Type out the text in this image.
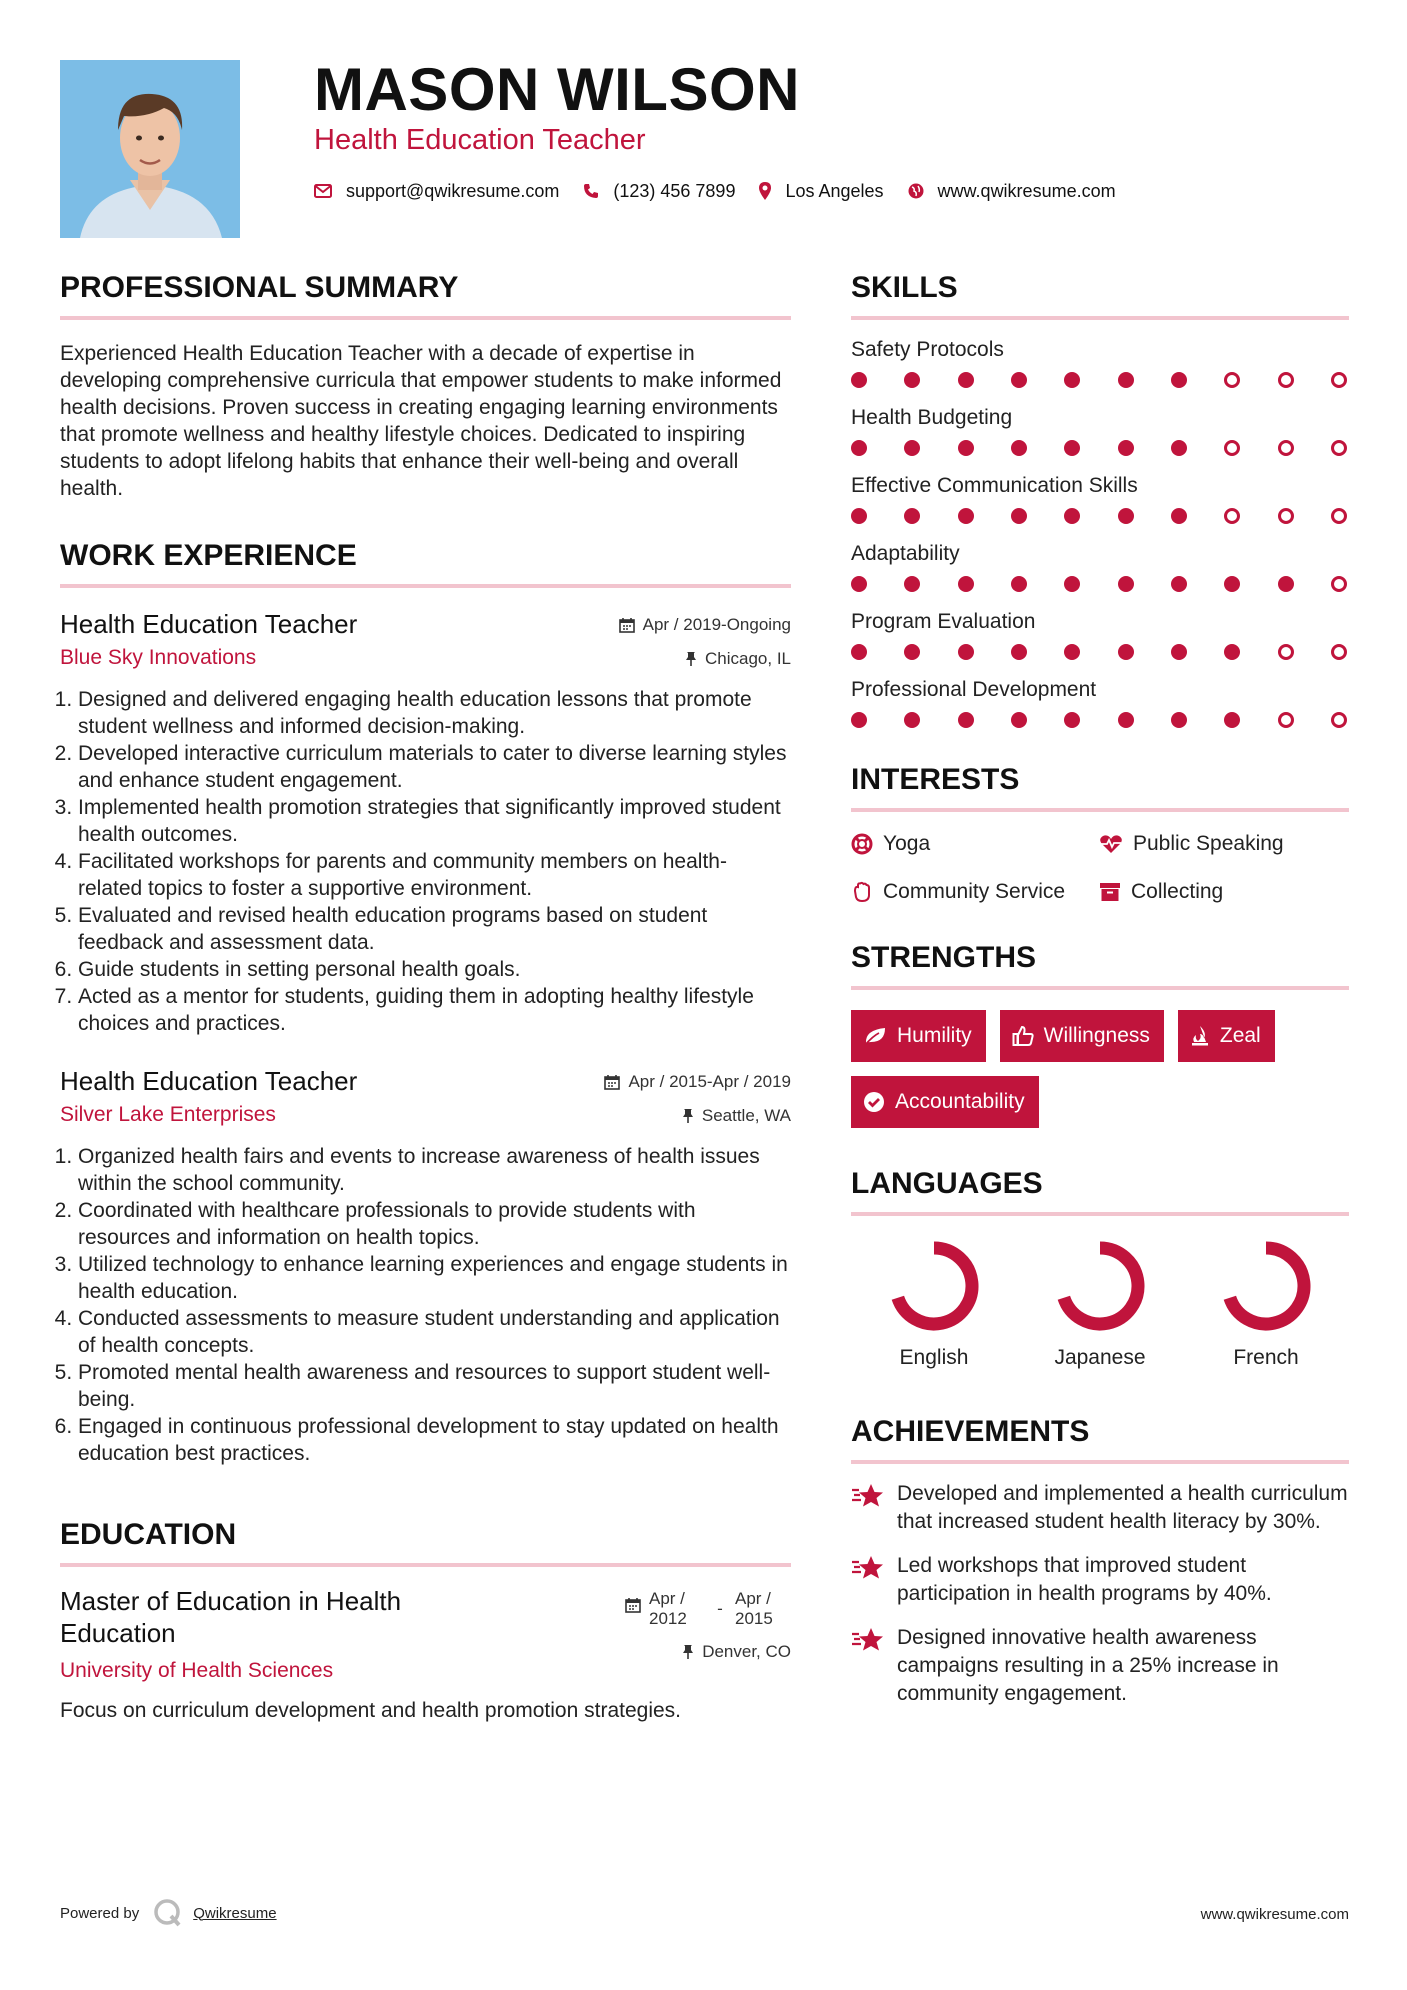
MASON WILSON
Health Education Teacher
support@qwikresume.com	(123) 456 7899	Los Angeles	www.qwikresume.com
PROFESSIONAL SUMMARY

Experienced Health Education Teacher with a decade of expertise in developing comprehensive curricula that empower students to make informed health decisions. Proven success in creating engaging learning environments that promote wellness and healthy lifestyle choices. Dedicated to inspiring students to adopt lifelong habits that enhance their well-being and overall health.

WORK EXPERIENCE
Health Education Teacher
Blue Sky Innovations
Apr / 2019-Ongoing
Chicago, IL
1. Designed and delivered engaging health education lessons that promote student wellness and informed decision-making.
2. Developed interactive curriculum materials to cater to diverse learning styles and enhance student engagement.
3. Implemented health promotion strategies that significantly improved student health outcomes.
4. Facilitated workshops for parents and community members on health-related topics to foster a supportive environment.
5. Evaluated and revised health education programs based on student feedback and assessment data.
6. Guide students in setting personal health goals.
7. Acted as a mentor for students, guiding them in adopting healthy lifestyle choices and practices.
Health Education Teacher
Silver Lake Enterprises
Apr / 2015-Apr / 2019
Seattle, WA
1. Organized health fairs and events to increase awareness of health issues within the school community.
2. Coordinated with healthcare professionals to provide students with resources and information on health topics.
3. Utilized technology to enhance learning experiences and engage students in health education.
4. Conducted assessments to measure student understanding and application of health concepts.
5. Promoted mental health awareness and resources to support student well-being.
6. Engaged in continuous professional development to stay updated on health education best practices.
EDUCATION
Master of Education in Health Education
University of Health Sciences
Apr / 2012
-
Apr / 2015
Denver, CO
Focus on curriculum development and health promotion strategies.
SKILLS
Safety Protocols
Health Budgeting
Effective Communication Skills
Adaptability
Program Evaluation
Professional Development
INTERESTS
Yoga	Public Speaking
Community Service	Collecting
STRENGTHS
Humility	Willingness	Zeal
Accountability
LANGUAGES
English	Japanese	French
ACHIEVEMENTS
Developed and implemented a health curriculum that increased student health literacy by 30%.
Led workshops that improved student participation in health programs by 40%.
Designed innovative health awareness campaigns resulting in a 25% increase in community engagement.
Powered by	Qwikresume	www.qwikresume.com
